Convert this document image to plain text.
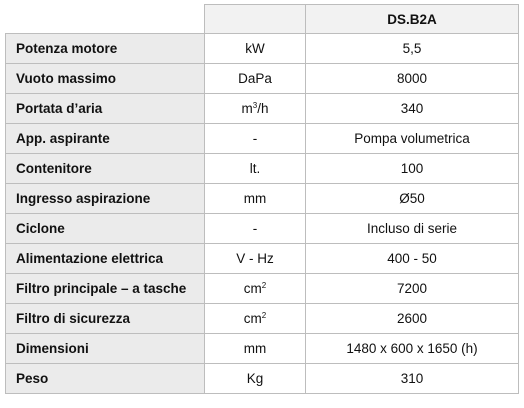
		DS.B2A
Potenza motore	kW	5,5
Vuoto massimo	DaPa	8000
Portata d’aria	$m^3/h$	340
App. aspirante	-	Pompa volumetrica
Contenitore	lt.	100
Ingresso aspirazione	mm	Ø50
Ciclone	-	Incluso di serie
Alimentazione elettrica	V - Hz	400 - 50
Filtro principale – a tasche	$cm^2$	7200
Filtro di sicurezza	$cm^2$	2600
Dimensioni	mm	1480 x 600 x 1650 (h)
Peso	Kg	310
